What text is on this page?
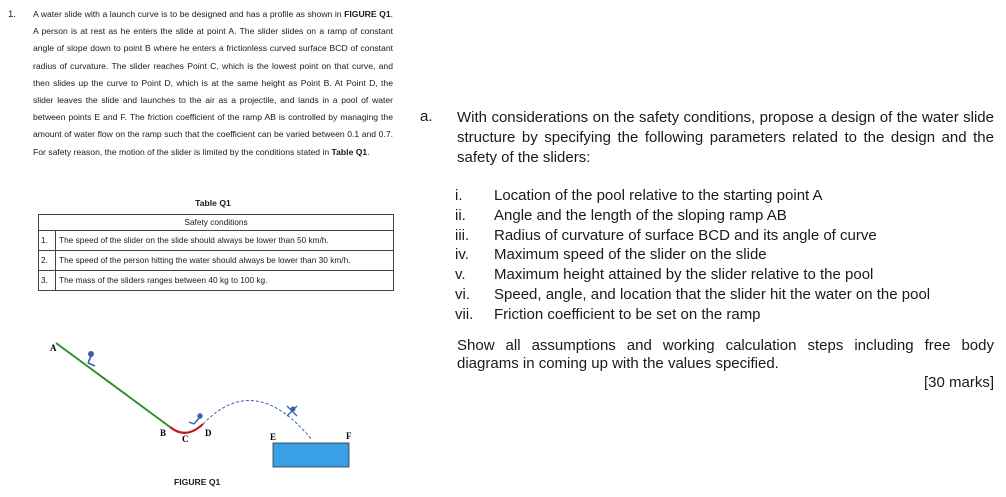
1. A water slide with a launch curve is to be designed and has a profile as shown in FIGURE Q1. A person is at rest as he enters the slide at point A. The slider slides on a ramp of constant angle of slope down to point B where he enters a frictionless curved surface BCD of constant radius of curvature. The slider reaches Point C, which is the lowest point on that curve, and then slides up the curve to Point D, which is at the same height as Point B. At Point D, the slider leaves the slide and launches to the air as a projectile, and lands in a pool of water between points E and F. The friction coefficient of the ramp AB is controlled by managing the amount of water flow on the ramp such that the coefficient can be varied between 0.1 and 0.7. For safety reason, the motion of the slider is limited by the conditions stated in Table Q1.
Table Q1
Safety conditions	
1.	The speed of the slider on the slide should always be lower than 50 km/h.
2.	The speed of the person hitting the water should always be lower than 30 km/h.
3.	The mass of the sliders ranges between 40 kg to 100 kg.
A
B
C
D	E	F
FIGURE Q1
a. With considerations on the safety conditions, propose a design of the water slide structure by specifying the following parameters related to the design and the safety of the sliders:
i.	Location of the pool relative to the starting point A
ii.	Angle and the length of the sloping ramp AB
iii.	Radius of curvature of surface BCD and its angle of curve
iv.	Maximum speed of the slider on the slide
v.	Maximum height attained by the slider relative to the pool
vi.	Speed, angle, and location that the slider hit the water on the pool
vii.	Friction coefficient to be set on the ramp
Show all assumptions and working calculation steps including free body diagrams in coming up with the values specified.
[30 marks]
